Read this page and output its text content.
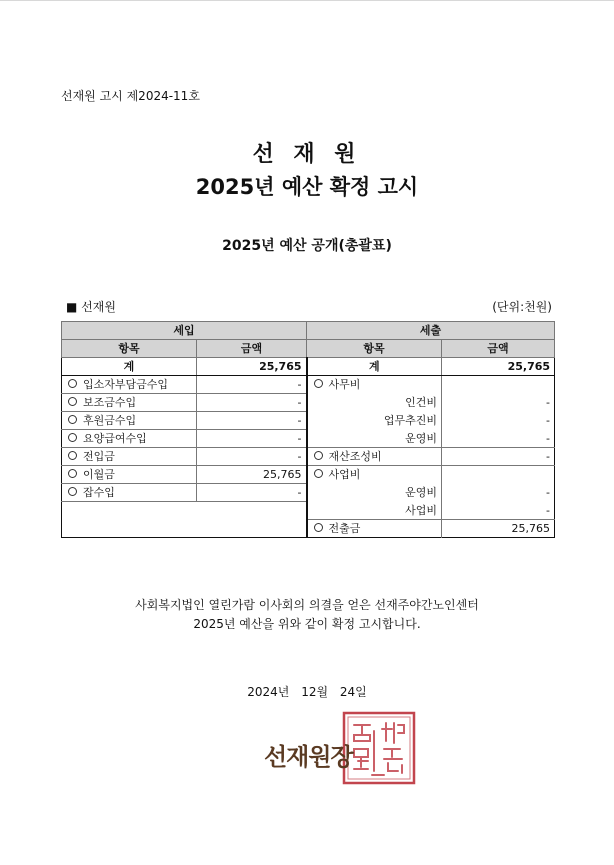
선재원 고시 제2024-11호
선 재 원
2025년 예산 확정 고시
2025년 예산 공개(총괄표)
■ 선재원	(단위:천원)
세입		세출	
항목	금액	항목	금액
계	25,765	계	25,765
입소자부담금수입	-	사무비	
보조금수입	-	인건비	-
후원금수입	-	업무추진비	-
요양급여수입	-	운영비	-
전입금	-	재산조성비	-
이월금	25,765	사업비	
잡수입	-	운영비	-
		사업비	-
		전출금	25,765
사회복지법인 열린가람 이사회의 의결을 얻은 선재주야간노인센터
2025년 예산을 위와 같이 확정 고시합니다.
2024년 12월 24일
선재원장
